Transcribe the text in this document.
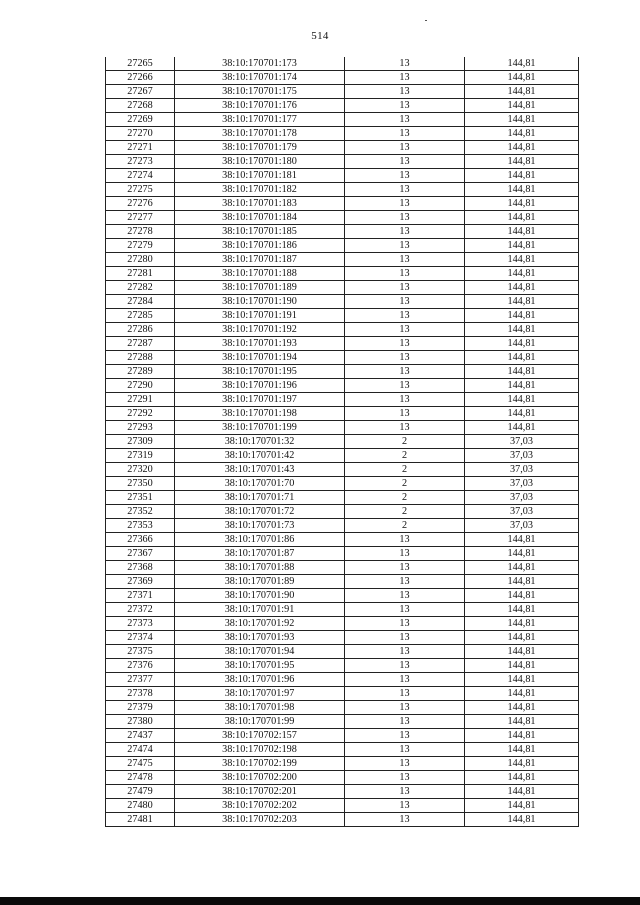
514
27265	38:10:170701:173	13	144,81
27266	38:10:170701:174	13	144,81
27267	38:10:170701:175	13	144,81
27268	38:10:170701:176	13	144,81
27269	38:10:170701:177	13	144,81
27270	38:10:170701:178	13	144,81
27271	38:10:170701:179	13	144,81
27273	38:10:170701:180	13	144,81
27274	38:10:170701:181	13	144,81
27275	38:10:170701:182	13	144,81
27276	38:10:170701:183	13	144,81
27277	38:10:170701:184	13	144,81
27278	38:10:170701:185	13	144,81
27279	38:10:170701:186	13	144,81
27280	38:10:170701:187	13	144,81
27281	38:10:170701:188	13	144,81
27282	38:10:170701:189	13	144,81
27284	38:10:170701:190	13	144,81
27285	38:10:170701:191	13	144,81
27286	38:10:170701:192	13	144,81
27287	38:10:170701:193	13	144,81
27288	38:10:170701:194	13	144,81
27289	38:10:170701:195	13	144,81
27290	38:10:170701:196	13	144,81
27291	38:10:170701:197	13	144,81
27292	38:10:170701:198	13	144,81
27293	38:10:170701:199	13	144,81
27309	38:10:170701:32	2	37,03
27319	38:10:170701:42	2	37,03
27320	38:10:170701:43	2	37,03
27350	38:10:170701:70	2	37,03
27351	38:10:170701:71	2	37,03
27352	38:10:170701:72	2	37,03
27353	38:10:170701:73	2	37,03
27366	38:10:170701:86	13	144,81
27367	38:10:170701:87	13	144,81
27368	38:10:170701:88	13	144,81
27369	38:10:170701:89	13	144,81
27371	38:10:170701:90	13	144,81
27372	38:10:170701:91	13	144,81
27373	38:10:170701:92	13	144,81
27374	38:10:170701:93	13	144,81
27375	38:10:170701:94	13	144,81
27376	38:10:170701:95	13	144,81
27377	38:10:170701:96	13	144,81
27378	38:10:170701:97	13	144,81
27379	38:10:170701:98	13	144,81
27380	38:10:170701:99	13	144,81
27437	38:10:170702:157	13	144,81
27474	38:10:170702:198	13	144,81
27475	38:10:170702:199	13	144,81
27478	38:10:170702:200	13	144,81
27479	38:10:170702:201	13	144,81
27480	38:10:170702:202	13	144,81
27481	38:10:170702:203	13	144,81
